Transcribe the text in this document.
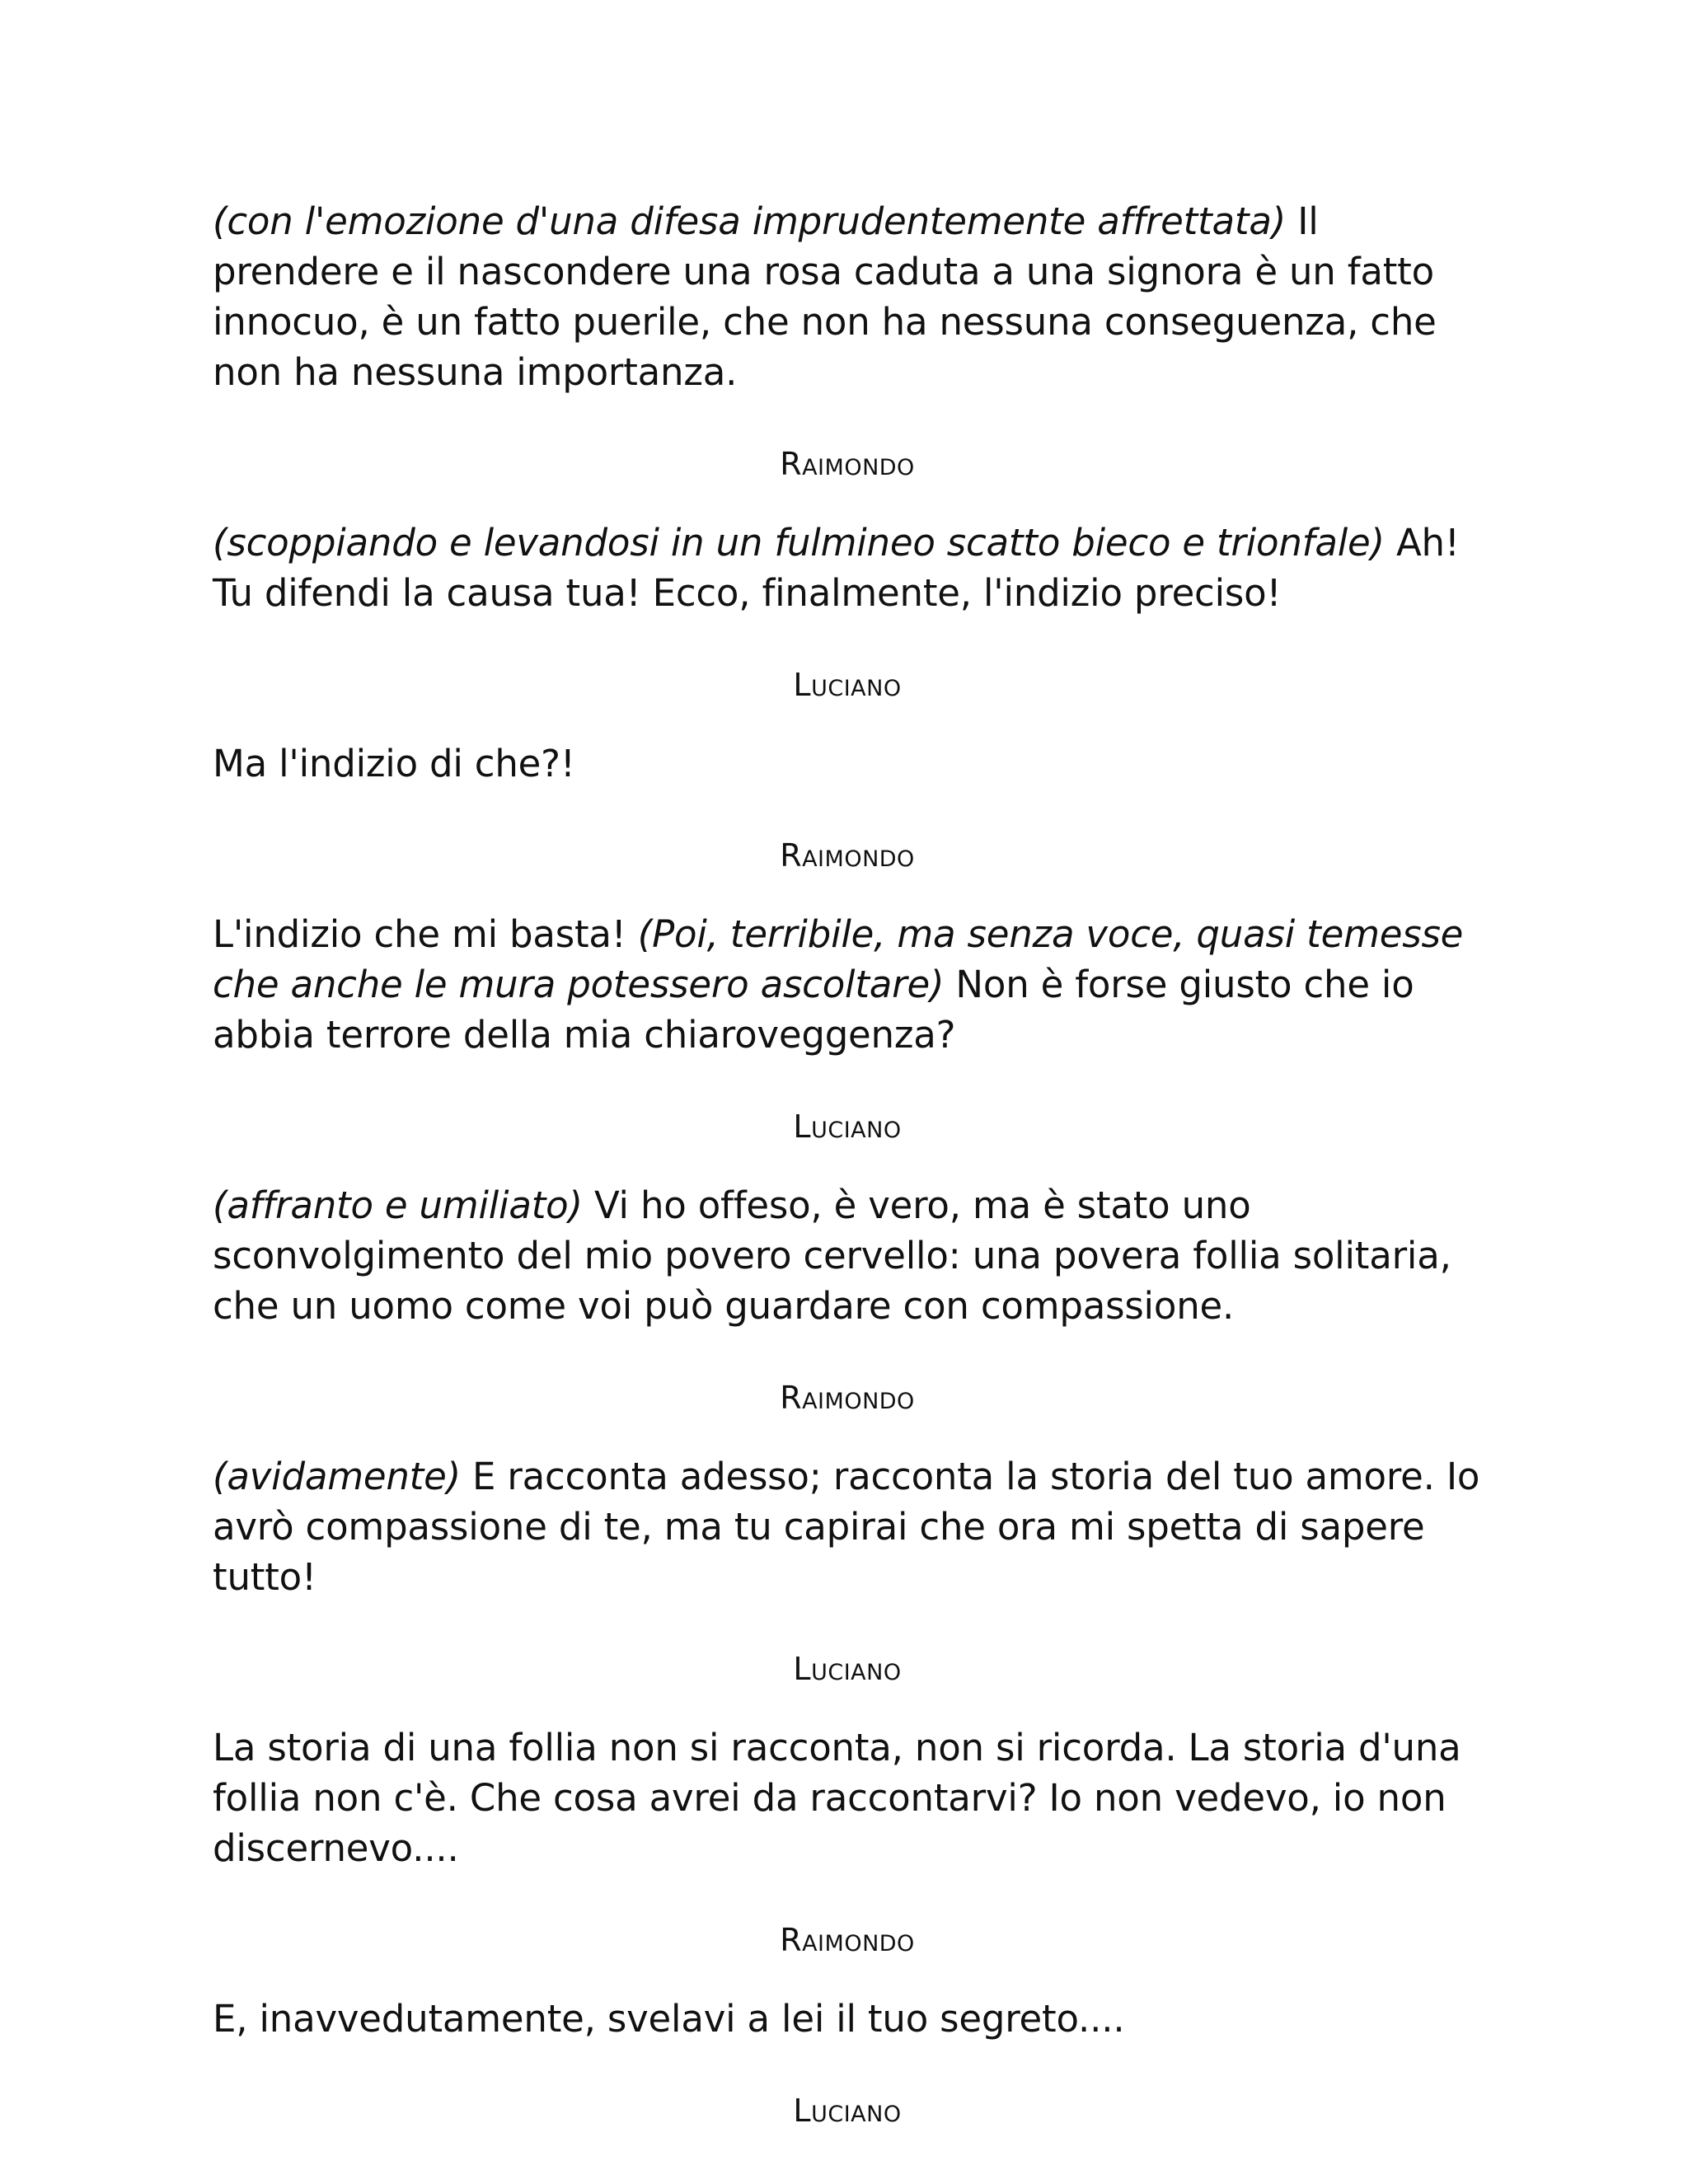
(con l'emozione d'una difesa imprudentemente affrettata) Il prendere e il nascondere una rosa caduta a una signora è un fatto innocuo, è un fatto puerile, che non ha nessuna conseguenza, che non ha nessuna importanza.

Raimondo

(scoppiando e levandosi in un fulmineo scatto bieco e trionfale) Ah! Tu difendi la causa tua! Ecco, finalmente, l'indizio preciso!

Luciano

Ma l'indizio di che?!

Raimondo

L'indizio che mi basta! (Poi, terribile, ma senza voce, quasi temesse che anche le mura potessero ascoltare) Non è forse giusto che io abbia terrore della mia chiaroveggenza?

Luciano

(affranto e umiliato) Vi ho offeso, è vero, ma è stato uno sconvolgimento del mio povero cervello: una povera follia solitaria, che un uomo come voi può guardare con compassione.

Raimondo

(avidamente) E racconta adesso; racconta la storia del tuo amore. Io avrò compassione di te, ma tu capirai che ora mi spetta di sapere tutto!

Luciano

La storia di una follia non si racconta, non si ricorda. La storia d'una follia non c'è. Che cosa avrei da raccontarvi? Io non vedevo, io non discernevo....

Raimondo

E, inavvedutamente, svelavi a lei il tuo segreto....

Luciano
